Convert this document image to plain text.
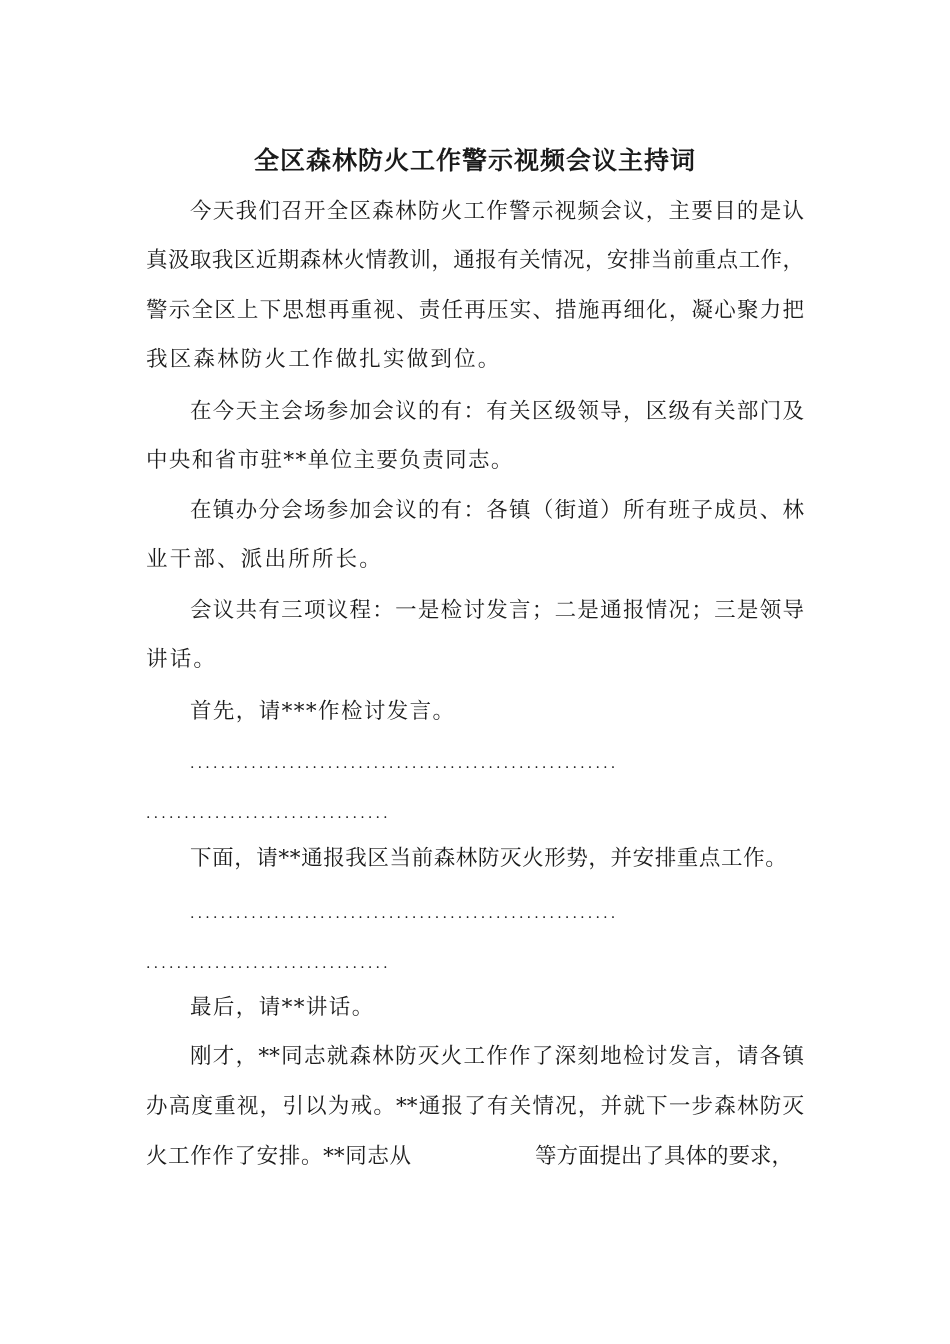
全区森林防火工作警示视频会议主持词
今天我们召开全区森林防火工作警示视频会议，主要目的是认
真汲取我区近期森林火情教训，通报有关情况，安排当前重点工作，
警示全区上下思想再重视、责任再压实、措施再细化，凝心聚力把
我区森林防火工作做扎实做到位。
在今天主会场参加会议的有：有关区级领导，区级有关部门及
中央和省市驻**单位主要负责同志。
在镇办分会场参加会议的有：各镇（街道）所有班子成员、林
业干部、派出所所长。
会议共有三项议程：一是检讨发言；二是通报情况；三是领导
讲话。
首先，请***作检讨发言。
........................................................
................................
下面，请**通报我区当前森林防灭火形势，并安排重点工作。
........................................................
................................
最后，请**讲话。
刚才，**同志就森林防灭火工作作了深刻地检讨发言，请各镇
办高度重视，引以为戒。**通报了有关情况，并就下一步森林防灭
火工作作了安排。**同志从	等方面提出了具体的要求，
